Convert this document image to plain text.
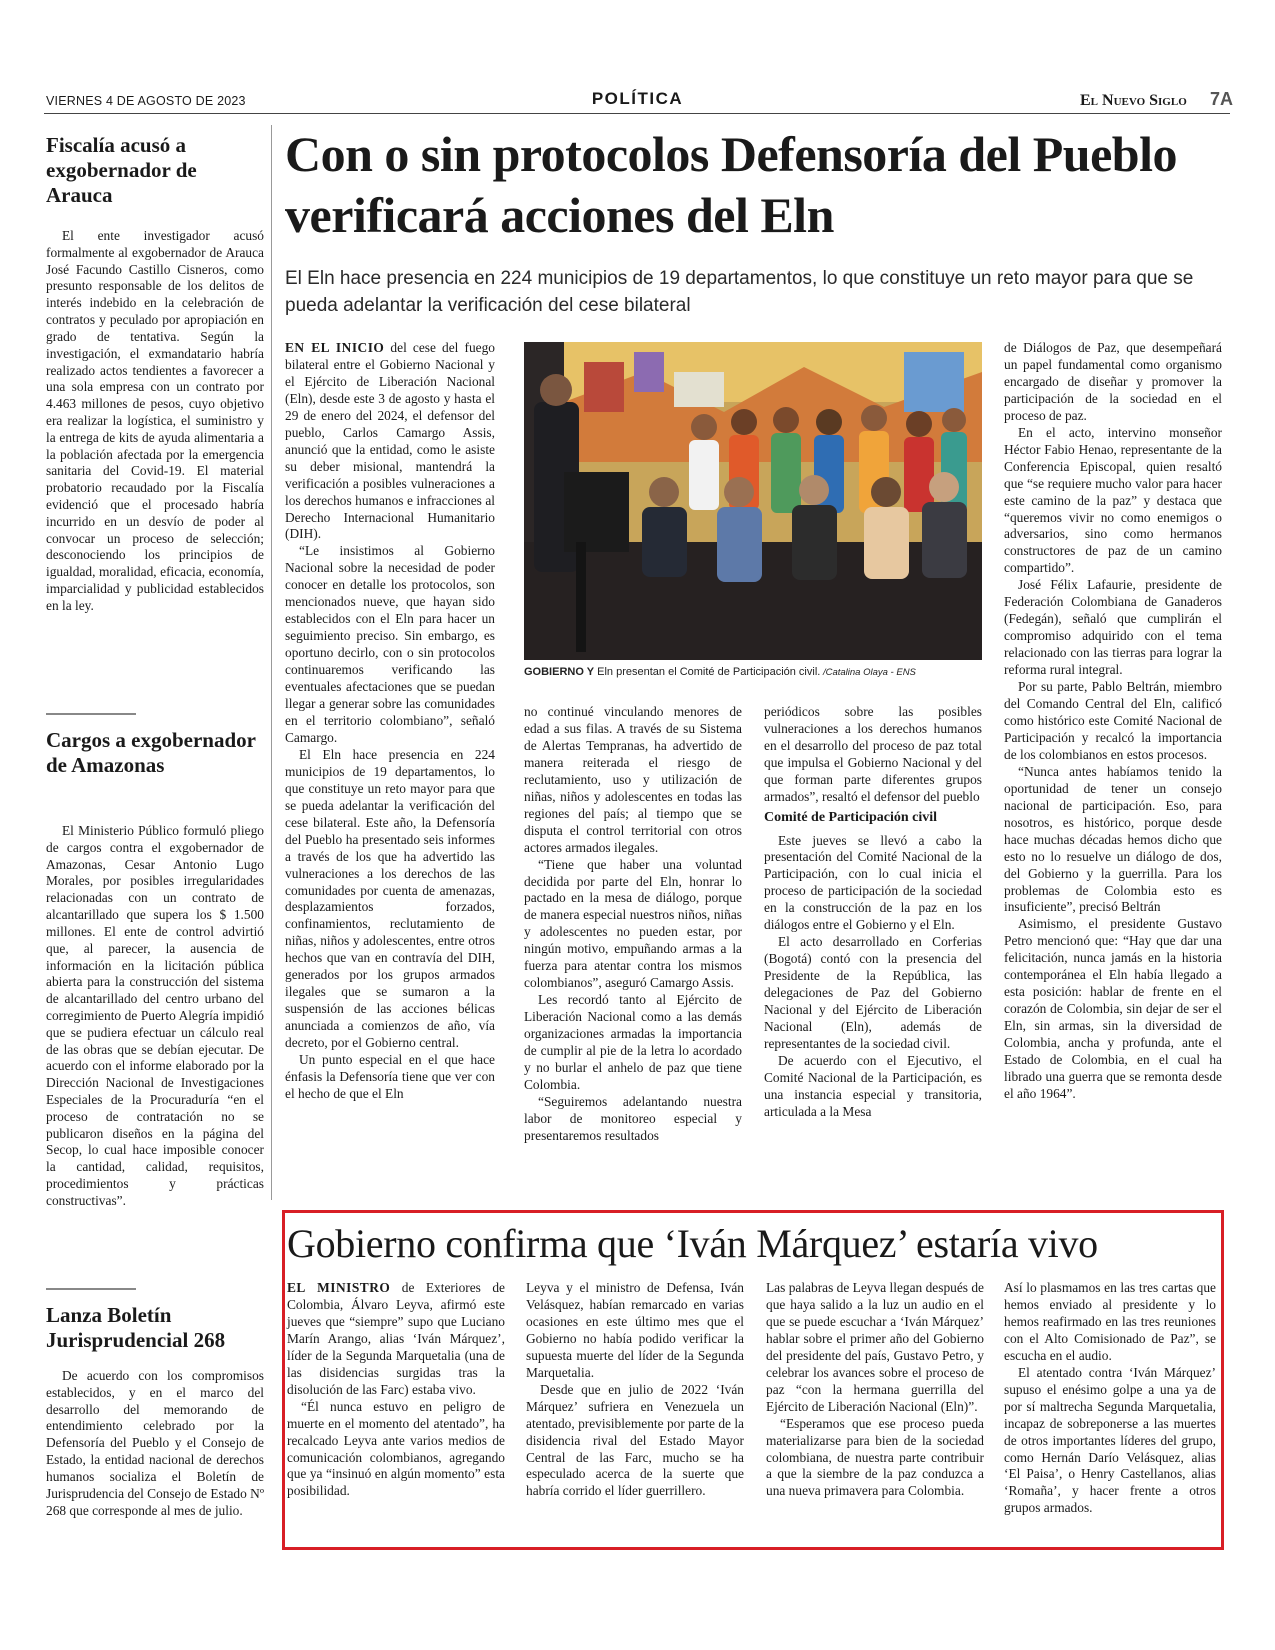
VIERNES 4 DE AGOSTO DE 2023	POLÍTICA	El Nuevo Siglo 7A
Fiscalía acusó a exgobernador de Arauca

El ente investigador acusó formalmente al exgobernador de Arauca José Facundo Castillo Cisneros, como presunto responsable de los delitos de interés indebido en la celebración de contratos y peculado por apropiación en grado de tentativa. Según la investigación, el exmandatario habría realizado actos tendientes a favorecer a una sola empresa con un contrato por 4.463 millones de pesos, cuyo objetivo era realizar la logística, el suministro y la entrega de kits de ayuda alimentaria a la población afectada por la emergencia sanitaria del Covid-19. El material probatorio recaudado por la Fiscalía evidenció que el procesado habría incurrido en un desvío de poder al convocar un proceso de selección; desconociendo los principios de igualdad, moralidad, eficacia, economía, imparcialidad y publicidad establecidos en la ley.

Cargos a exgobernador de Amazonas

El Ministerio Público formuló pliego de cargos contra el exgobernador de Amazonas, Cesar Antonio Lugo Morales, por posibles irregularidades relacionadas con un contrato de alcantarillado que supera los $ 1.500 millones. El ente de control advirtió que, al parecer, la ausencia de información en la licitación pública abierta para la construcción del sistema de alcantarillado del centro urbano del corregimiento de Puerto Alegría impidió que se pudiera efectuar un cálculo real de las obras que se debían ejecutar. De acuerdo con el informe elaborado por la Dirección Nacional de Investigaciones Especiales de la Procuraduría “en el proceso de contratación no se publicaron diseños en la página del Secop, lo cual hace imposible conocer la cantidad, calidad, requisitos, procedimientos y prácticas constructivas”.

Lanza Boletín Jurisprudencial 268

De acuerdo con los compromisos establecidos, y en el marco del desarrollo del memorando de entendimiento celebrado por la Defensoría del Pueblo y el Consejo de Estado, la entidad nacional de derechos humanos socializa el Boletín de Jurisprudencia del Consejo de Estado Nº 268 que corresponde al mes de julio.

Con o sin protocolos Defensoría del Pueblo verificará acciones del Eln
El Eln hace presencia en 224 municipios de 19 departamentos, lo que constituye un reto mayor para que se pueda adelantar la verificación del cese bilateral

EN EL INICIO del cese del fuego bilateral entre el Gobierno Nacional y el Ejército de Liberación Nacional (Eln), desde este 3 de agosto y hasta el 29 de enero del 2024, el defensor del pueblo, Carlos Camargo Assis, anunció que la entidad, como le asiste su deber misional, mantendrá la verificación a posibles vulneraciones a los derechos humanos e infracciones al Derecho Internacional Humanitario (DIH).

“Le insistimos al Gobierno Nacional sobre la necesidad de poder conocer en detalle los protocolos, son mencionados nueve, que hayan sido establecidos con el Eln para hacer un seguimiento preciso. Sin embargo, es oportuno decirlo, con o sin protocolos continuaremos verificando las eventuales afectaciones que se puedan llegar a generar sobre las comunidades en el territorio colombiano”, señaló Camargo.

El Eln hace presencia en 224 municipios de 19 departamentos, lo que constituye un reto mayor para que se pueda adelantar la verificación del cese bilateral. Este año, la Defensoría del Pueblo ha presentado seis informes a través de los que ha advertido las vulneraciones a los derechos de las comunidades por cuenta de amenazas, desplazamientos forzados, confinamientos, reclutamiento de niñas, niños y adolescentes, entre otros hechos que van en contravía del DIH, generados por los grupos armados ilegales que se sumaron a la suspensión de las acciones bélicas anunciada a comienzos de año, vía decreto, por el Gobierno central.

Un punto especial en el que hace énfasis la Defensoría tiene que ver con el hecho de que el Eln

GOBIERNO Y Eln presentan el Comité de Participación civil. /Catalina Olaya - ENS

no continué vinculando menores de edad a sus filas. A través de su Sistema de Alertas Tempranas, ha advertido de manera reiterada el riesgo de reclutamiento, uso y utilización de niñas, niños y adolescentes en todas las regiones del país; al tiempo que se disputa el control territorial con otros actores armados ilegales.

“Tiene que haber una voluntad decidida por parte del Eln, honrar lo pactado en la mesa de diálogo, porque de manera especial nuestros niños, niñas y adolescentes no pueden estar, por ningún motivo, empuñando armas a la fuerza para atentar contra los mismos colombianos”, aseguró Camargo Assis.

Les recordó tanto al Ejército de Liberación Nacional como a las demás organizaciones armadas la importancia de cumplir al pie de la letra lo acordado y no burlar el anhelo de paz que tiene Colombia.

“Seguiremos adelantando nuestra labor de monitoreo especial y presentaremos resultados

periódicos sobre las posibles vulneraciones a los derechos humanos en el desarrollo del proceso de paz total que impulsa el Gobierno Nacional y del que forman parte diferentes grupos armados”, resaltó el defensor del pueblo

Comité de Participación civil

Este jueves se llevó a cabo la presentación del Comité Nacional de la Participación, con lo cual inicia el proceso de participación de la sociedad en la construcción de la paz en los diálogos entre el Gobierno y el Eln.

El acto desarrollado en Corferias (Bogotá) contó con la presencia del Presidente de la República, las delegaciones de Paz del Gobierno Nacional y del Ejército de Liberación Nacional (Eln), además de representantes de la sociedad civil.

De acuerdo con el Ejecutivo, el Comité Nacional de la Participación, es una instancia especial y transitoria, articulada a la Mesa

de Diálogos de Paz, que desempeñará un papel fundamental como organismo encargado de diseñar y promover la participación de la sociedad en el proceso de paz.

En el acto, intervino monseñor Héctor Fabio Henao, representante de la Conferencia Episcopal, quien resaltó que “se requiere mucho valor para hacer este camino de la paz” y destaca que “queremos vivir no como enemigos o adversarios, sino como hermanos constructores de paz de un camino compartido”.

José Félix Lafaurie, presidente de Federación Colombiana de Ganaderos (Fedegán), señaló que cumplirán el compromiso adquirido con el tema relacionado con las tierras para lograr la reforma rural integral.

Por su parte, Pablo Beltrán, miembro del Comando Central del Eln, calificó como histórico este Comité Nacional de Participación y recalcó la importancia de los colombianos en estos procesos.

“Nunca antes habíamos tenido la oportunidad de tener un consejo nacional de participación. Eso, para nosotros, es histórico, porque desde hace muchas décadas hemos dicho que esto no lo resuelve un diálogo de dos, del Gobierno y la guerrilla. Para los problemas de Colombia esto es insuficiente”, precisó Beltrán

Asimismo, el presidente Gustavo Petro mencionó que: “Hay que dar una felicitación, nunca jamás en la historia contemporánea el Eln había llegado a esta posición: hablar de frente en el corazón de Colombia, sin dejar de ser el Eln, sin armas, sin la diversidad de Colombia, ancha y profunda, ante el Estado de Colombia, en el cual ha librado una guerra que se remonta desde el año 1964”.

Gobierno confirma que ‘Iván Márquez’ estaría vivo

EL MINISTRO de Exteriores de Colombia, Álvaro Leyva, afirmó este jueves que “siempre” supo que Luciano Marín Arango, alias ‘Iván Márquez’, líder de la Segunda Marquetalia (una de las disidencias surgidas tras la disolución de las Farc) estaba vivo.

“Él nunca estuvo en peligro de muerte en el momento del atentado”, ha recalcado Leyva ante varios medios de comunicación colombianos, agregando que ya “insinuó en algún momento” esta posibilidad.

Leyva y el ministro de Defensa, Iván Velásquez, habían remarcado en varias ocasiones en este último mes que el Gobierno no había podido verificar la supuesta muerte del líder de la Segunda Marquetalia.

Desde que en julio de 2022 ‘Iván Márquez’ sufriera en Venezuela un atentado, previsiblemente por parte de la disidencia rival del Estado Mayor Central de las Farc, mucho se ha especulado acerca de la suerte que habría corrido el líder guerrillero.

Las palabras de Leyva llegan después de que haya salido a la luz un audio en el que se puede escuchar a ‘Iván Márquez’ hablar sobre el primer año del Gobierno del presidente del país, Gustavo Petro, y celebrar los avances sobre el proceso de paz “con la hermana guerrilla del Ejército de Liberación Nacional (Eln)”.

“Esperamos que ese proceso pueda materializarse para bien de la sociedad colombiana, de nuestra parte contribuir a que la siembre de la paz conduzca a una nueva primavera para Colombia.

Así lo plasmamos en las tres cartas que hemos enviado al presidente y lo hemos reafirmado en las tres reuniones con el Alto Comisionado de Paz”, se escucha en el audio.

El atentado contra ‘Iván Márquez’ supuso el enésimo golpe a una ya de por sí maltrecha Segunda Marquetalia, incapaz de sobreponerse a las muertes de otros importantes líderes del grupo, como Hernán Darío Velásquez, alias ‘El Paisa’, o Henry Castellanos, alias ‘Romaña’, y hacer frente a otros grupos armados.
